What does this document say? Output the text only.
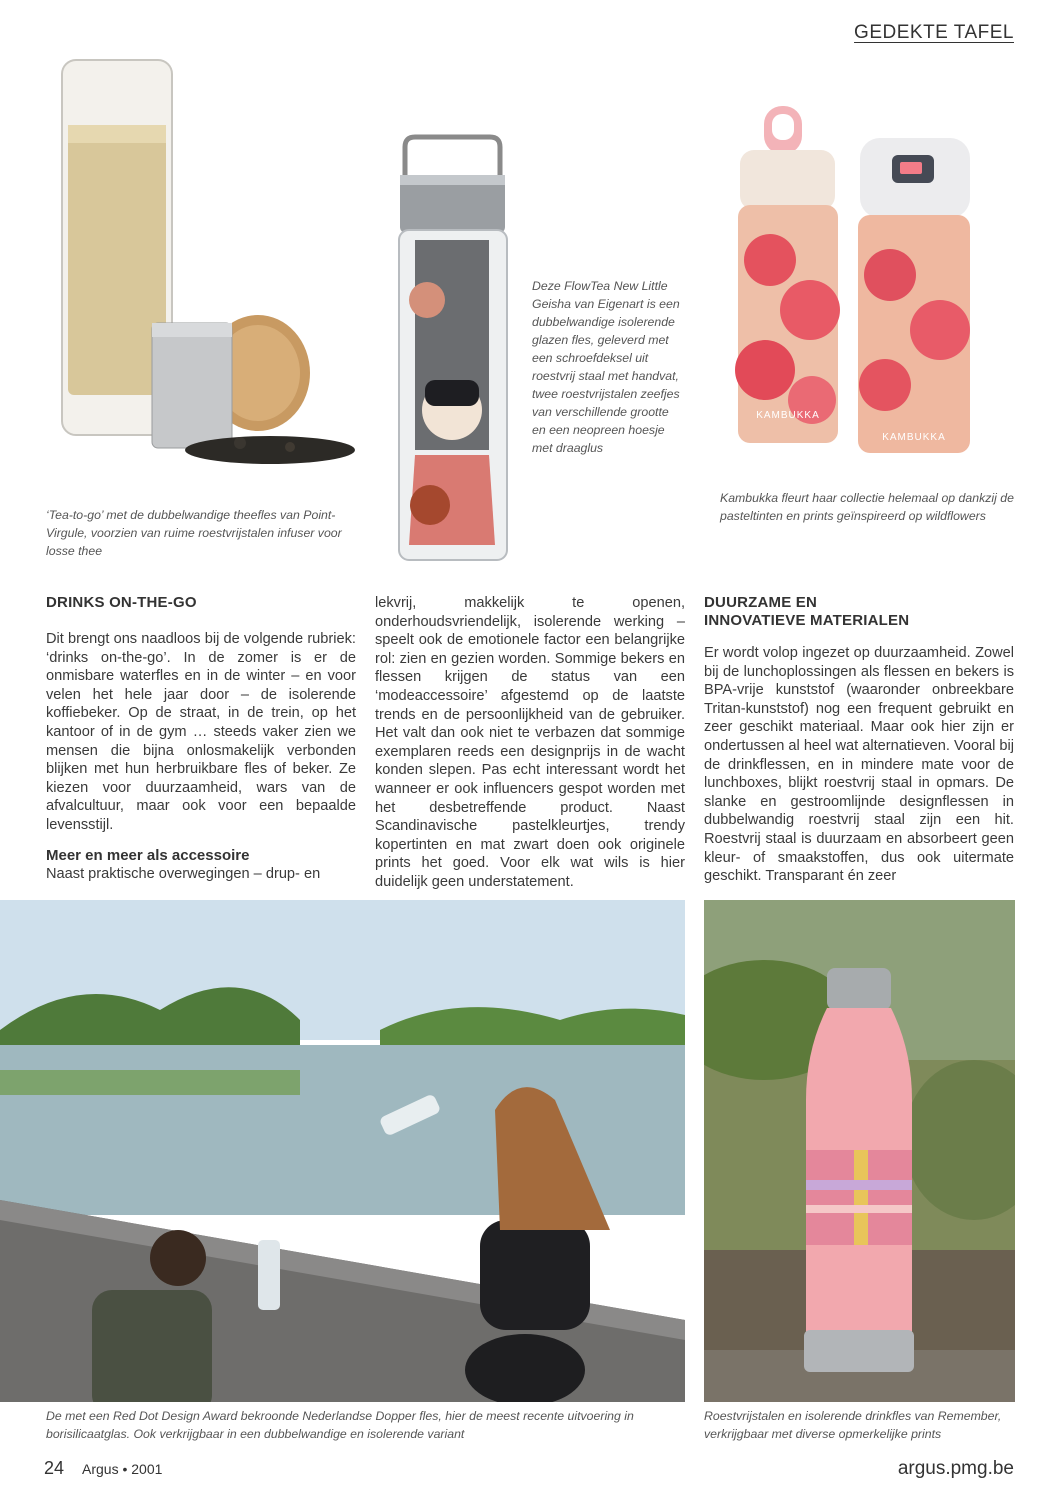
GEDEKTE TAFEL
‘Tea-to-go’ met de dubbelwandige theefles van Point-Virgule, voorzien van ruime roestvrijstalen infuser voor losse thee
Deze FlowTea New Little Geisha van Eigenart is een dubbelwandige isolerende glazen fles, geleverd met een schroefdeksel uit roestvrij staal met handvat, twee roestvrijstalen zeefjes van verschillende grootte en een neopreen hoesje met draaglus
KAMBUKKA
KAMBUKKA
Kambukka fleurt haar collectie helemaal op dankzij de pasteltinten en prints geïnspireerd op wildflowers
DRINKS ON-THE-GO

Dit brengt ons naadloos bij de volgende rubriek: ‘drinks on-the-go’. In de zomer is er de onmisbare waterfles en in de winter – en voor velen het hele jaar door – de isolerende koffiebeker. Op de straat, in de trein, op het kantoor of in de gym … steeds vaker zien we mensen die bijna onlosmakelijk verbonden blijken met hun herbruikbare fles of beker. Ze kiezen voor duurzaamheid, wars van de afvalcultuur, maar ook voor een bepaalde levensstijl.

Meer en meer als accessoire

Naast praktische overwegingen – drup- en

lekvrij, makkelijk te openen, onderhoudsvriendelijk, isolerende werking – speelt ook de emotionele factor een belangrijke rol: zien en gezien worden. Sommige bekers en flessen krijgen de status van een ‘modeaccessoire’ afgestemd op de laatste trends en de persoonlijkheid van de gebruiker. Het valt dan ook niet te verbazen dat sommige exemplaren reeds een designprijs in de wacht konden slepen. Pas echt interessant wordt het wanneer er ook influencers gespot worden met het desbetreffende product. Naast Scandinavische pastelkleurtjes, trendy kopertinten en mat zwart doen ook originele prints het goed. Voor elk wat wils is hier duidelijk geen understatement.

DUURZAME EN
INNOVATIEVE MATERIALEN

Er wordt volop ingezet op duurzaamheid. Zowel bij de lunchoplossingen als flessen en bekers is BPA-vrije kunststof (waaronder onbreekbare Tritan-kunststof) nog een frequent gebruikt en zeer geschikt materiaal. Maar ook hier zijn er ondertussen al heel wat alternatieven. Vooral bij de drinkflessen, en in mindere mate voor de lunchboxes, blijkt roestvrij staal in opmars. De slanke en gestroomlijnde designflessen in dubbelwandig roestvrij staal zijn een hit. Roestvrij staal is duurzaam en absorbeert geen kleur- of smaakstoffen, dus ook uitermate geschikt. Transparant én zeer

De met een Red Dot Design Award bekroonde Nederlandse Dopper fles, hier de meest recente uitvoering in borisilicaatglas. Ook verkrijgbaar in een dubbelwandige en isolerende variant
Roestvrijstalen en isolerende drinkfles van Remember, verkrijgbaar met diverse opmerkelijke prints
24 Argus • 2001	argus.pmg.be
